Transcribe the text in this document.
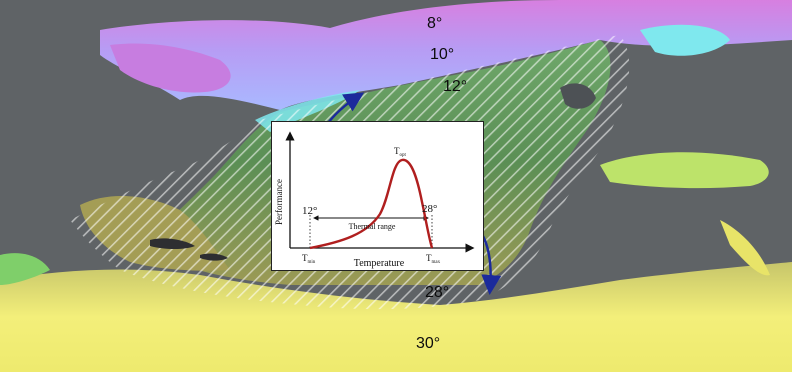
8°
10°
12°
28°
30°
Performance
Temperature
Thermal range
12°	28°
$T_{opt}$
$T_{min}$	$T_{max}$
